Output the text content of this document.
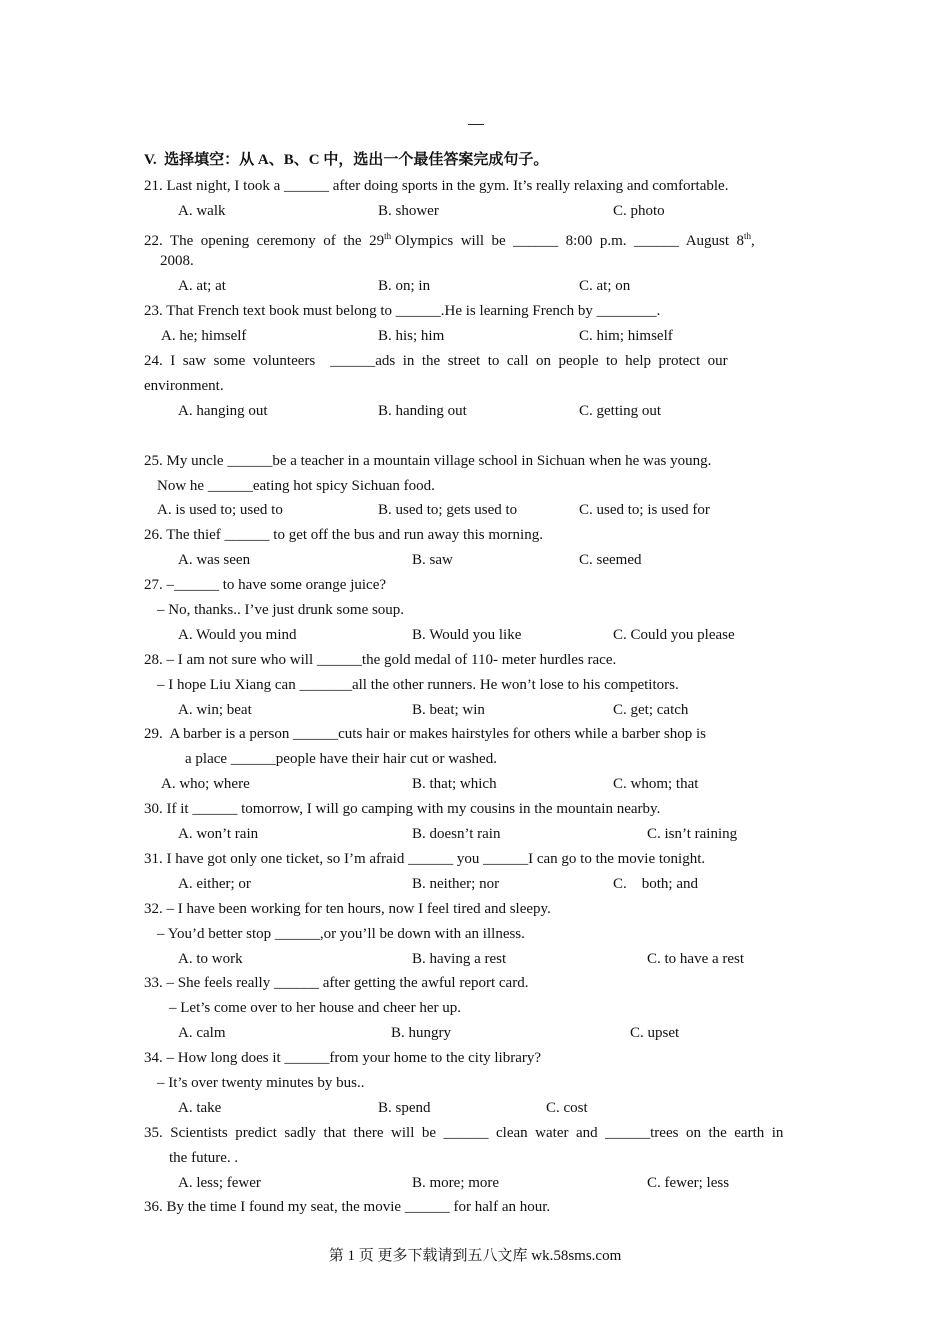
V.  选择填空：从 A、B、C 中，选出一个最佳答案完成句子。
21. Last night, I took a ______ after doing sports in the gym. It’s really relaxing and comfortable.
A. walk	B. shower	C. photo
22.  The  opening  ceremony  of  the  29th Olympics  will  be  ______  8:00  p.m.  ______  August  8th,
2008.
A. at; at	B. on; in	C. at; on
23. That French text book must belong to ______.He is learning French by ________.
A. he; himself	B. his; him	C. him; himself
24.  I  saw  some  volunteers    ______ads  in  the  street  to  call  on  people  to  help  protect  our
environment.
A. hanging out	B. handing out	C. getting out
25. My uncle ______be a teacher in a mountain village school in Sichuan when he was young.
Now he ______eating hot spicy Sichuan food.
A. is used to; used to	B. used to; gets used to	C. used to; is used for
26. The thief ______ to get off the bus and run away this morning.
A. was seen	B. saw	C. seemed
27. –______ to have some orange juice?
– No, thanks.. I’ve just drunk some soup.
A. Would you mind	B. Would you like	C. Could you please
28. – I am not sure who will ______the gold medal of 110- meter hurdles race.
– I hope Liu Xiang can _______all the other runners. He won’t lose to his competitors.
A. win; beat	B. beat; win	C. get; catch
29.  A barber is a person ______cuts hair or makes hairstyles for others while a barber shop is
a place ______people have their hair cut or washed.
A. who; where	B. that; which	C. whom; that
30. If it ______ tomorrow, I will go camping with my cousins in the mountain nearby.
A. won’t rain	B. doesn’t rain	C. isn’t raining
31. I have got only one ticket, so I’m afraid ______ you ______I can go to the movie tonight.
A. either; or	B. neither; nor	C.    both; and
32. – I have been working for ten hours, now I feel tired and sleepy.
– You’d better stop ______,or you’ll be down with an illness.
A. to work	B. having a rest	C. to have a rest
33. – She feels really ______ after getting the awful report card.
– Let’s come over to her house and cheer her up.
A. calm	B. hungry	C. upset
34. – How long does it ______from your home to the city library?
– It’s over twenty minutes by bus..
A. take	B. spend	C. cost
35.  Scientists  predict  sadly  that  there  will  be  ______  clean  water  and  ______trees  on  the  earth  in
the future. .
A. less; fewer	B. more; more	C. fewer; less
36. By the time I found my seat, the movie ______ for half an hour.
第 1 页 更多下载请到五八文库 wk.58sms.com
